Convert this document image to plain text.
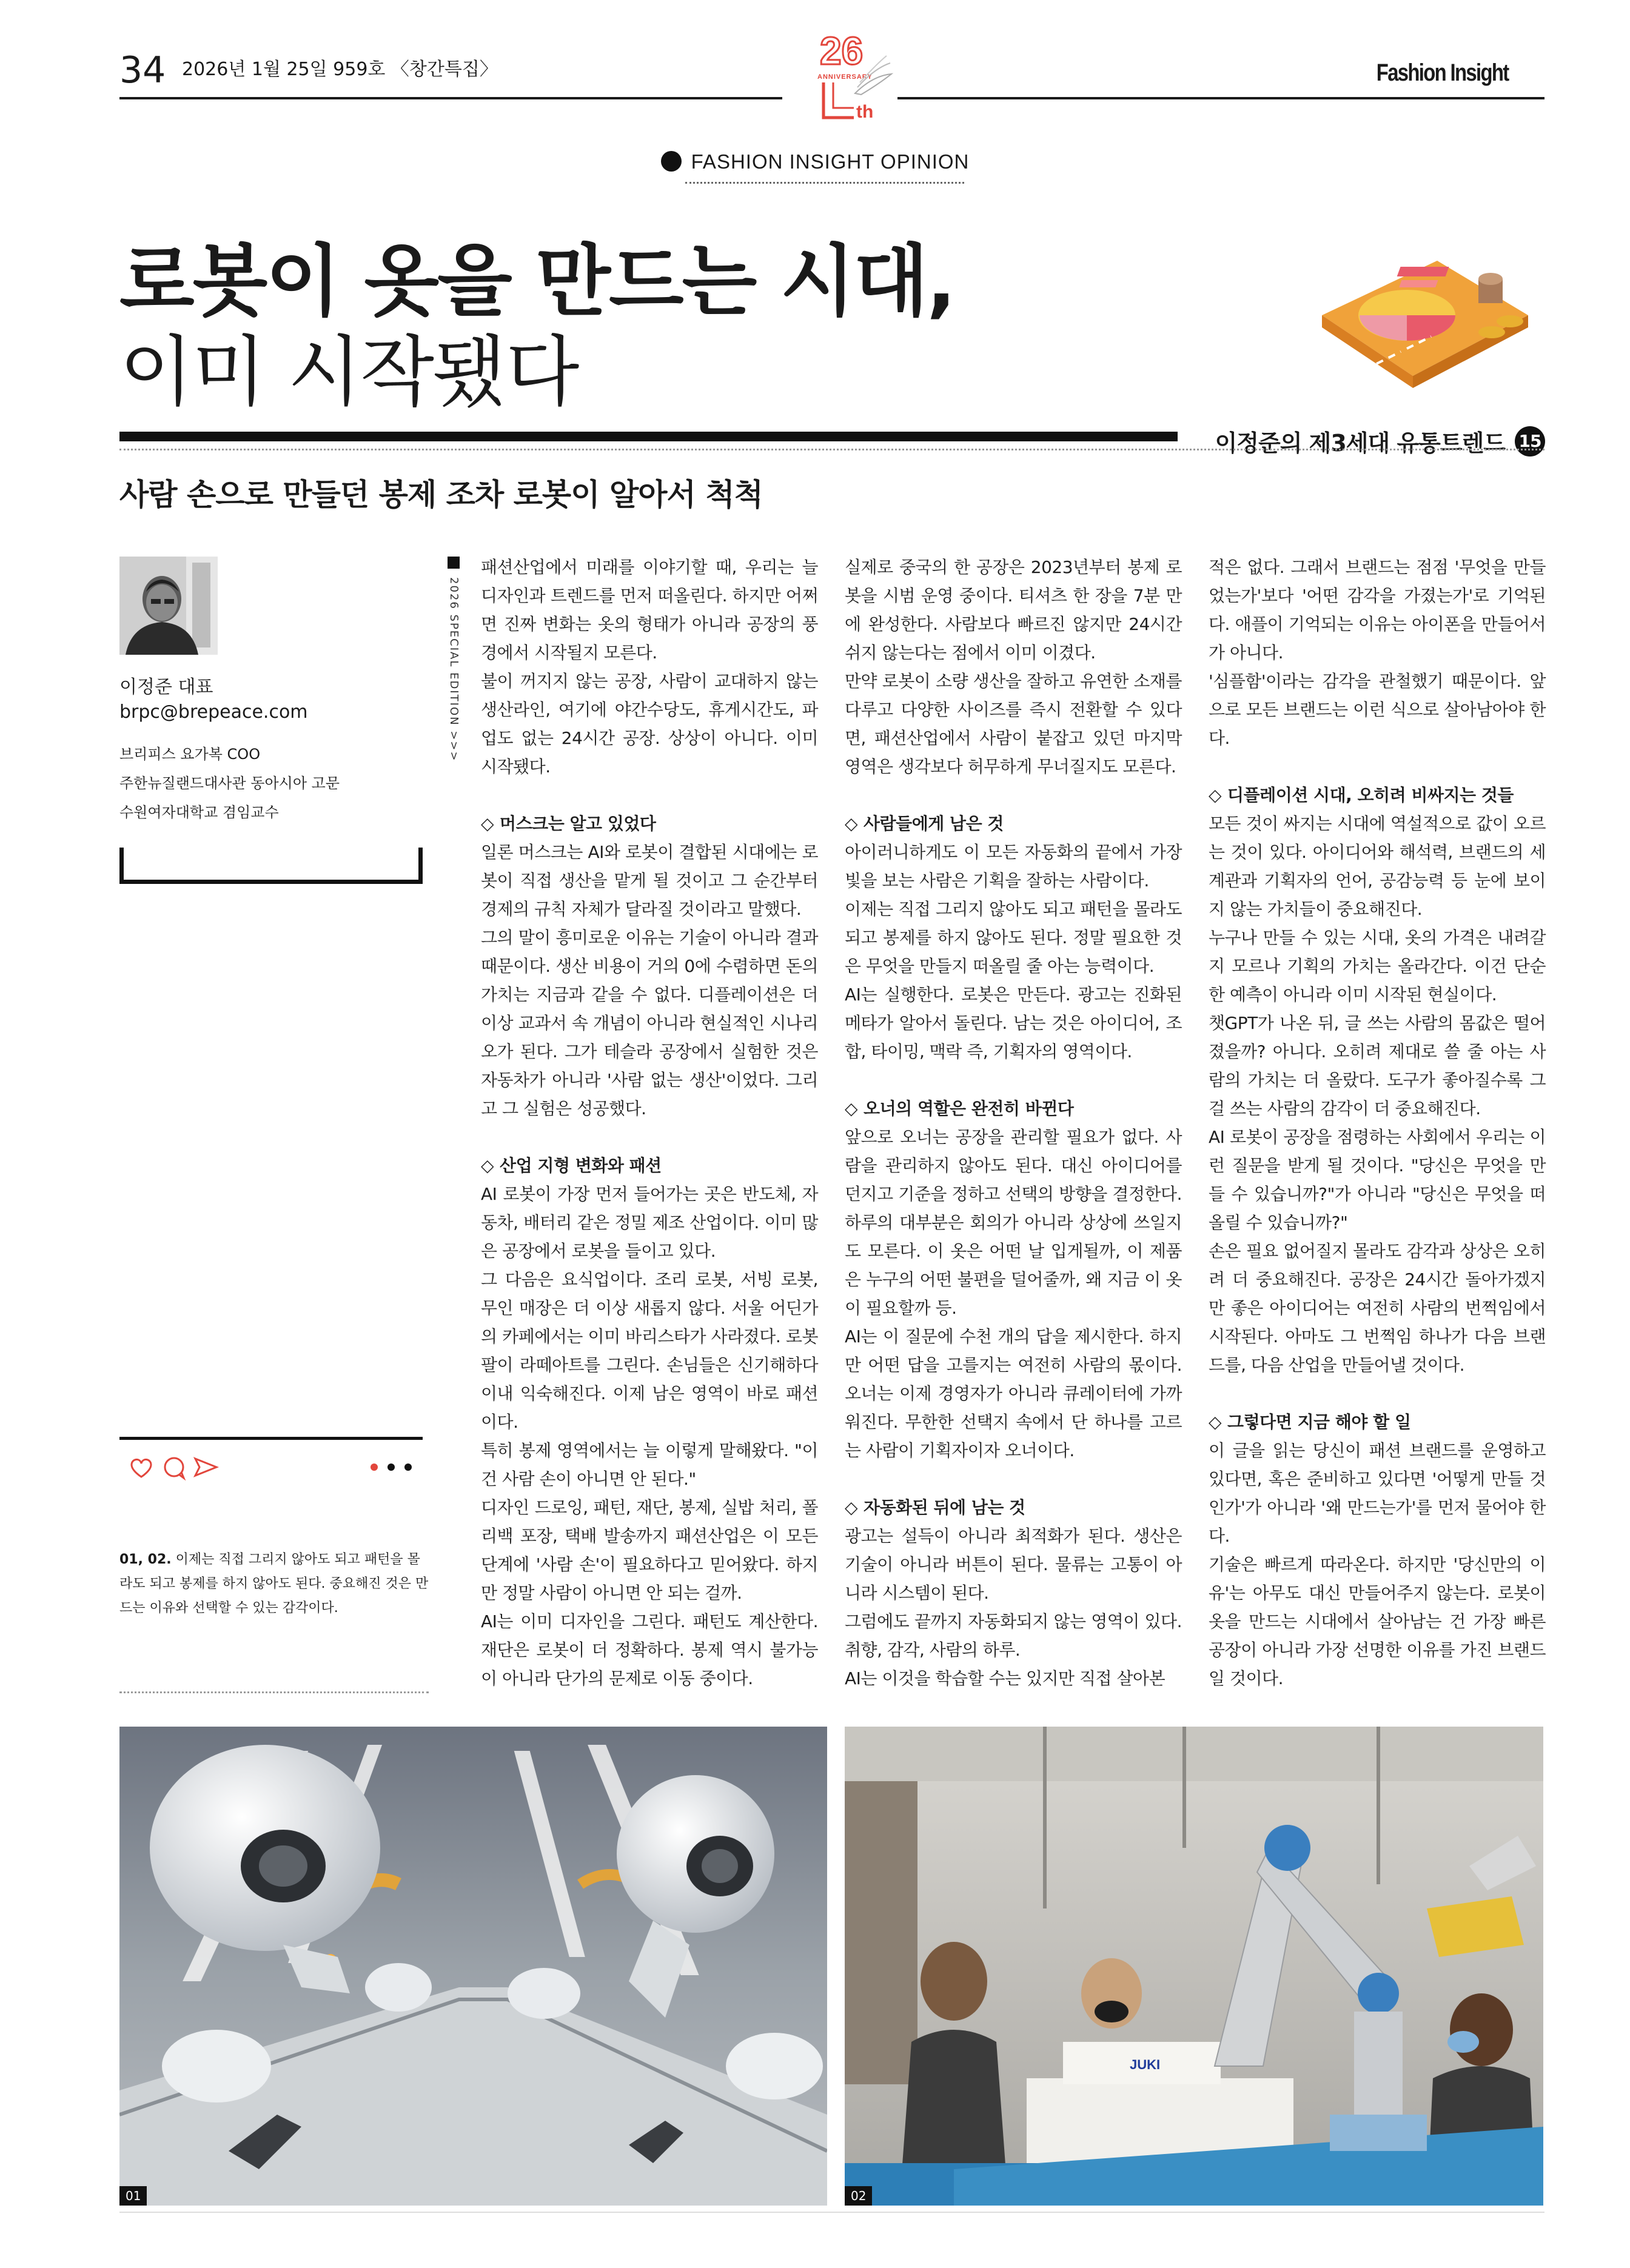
34 2026년 1월 25일 959호 〈창간특집〉	Fashion Insight
26
ANNIVERSARY
th
FASHION INSIGHT OPINION
로봇이 옷을 만드는 시대,
이미 시작됐다
이정준의 제3세대 유통트렌드 15
사람 손으로 만들던 봉제 조차 로봇이 알아서 척척
이정준 대표
brpc@brepeace.com
브리피스 요가복 COO
주한뉴질랜드대사관 동아시아 고문
수원여자대학교 겸임교수
2026 SPECIAL EDITION >>>
01, 02. 이제는 직접 그리지 않아도 되고 패턴을 몰라도 되고 봉제를 하지 않아도 된다. 중요해진 것은 만드는 이유와 선택할 수 있는 감각이다.

패션산업에서 미래를 이야기할 때, 우리는 늘 디자인과 트렌드를 먼저 떠올린다. 하지만 어쩌면 진짜 변화는 옷의 형태가 아니라 공장의 풍경에서 시작될지 모른다.

불이 꺼지지 않는 공장, 사람이 교대하지 않는 생산라인, 여기에 야간수당도, 휴게시간도, 파업도 없는 24시간 공장. 상상이 아니다. 이미 시작됐다.

◇ 머스크는 알고 있었다

일론 머스크는 AI와 로봇이 결합된 시대에는 로봇이 직접 생산을 맡게 될 것이고 그 순간부터 경제의 규칙 자체가 달라질 것이라고 말했다.

그의 말이 흥미로운 이유는 기술이 아니라 결과 때문이다. 생산 비용이 거의 0에 수렴하면 돈의 가치는 지금과 같을 수 없다. 디플레이션은 더 이상 교과서 속 개념이 아니라 현실적인 시나리오가 된다. 그가 테슬라 공장에서 실험한 것은 자동차가 아니라 '사람 없는 생산'이었다. 그리고 그 실험은 성공했다.

◇ 산업 지형 변화와 패션

AI 로봇이 가장 먼저 들어가는 곳은 반도체, 자동차, 배터리 같은 정밀 제조 산업이다. 이미 많은 공장에서 로봇을 들이고 있다.

그 다음은 요식업이다. 조리 로봇, 서빙 로봇, 무인 매장은 더 이상 새롭지 않다. 서울 어딘가의 카페에서는 이미 바리스타가 사라졌다. 로봇 팔이 라떼아트를 그린다. 손님들은 신기해하다 이내 익숙해진다. 이제 남은 영역이 바로 패션이다.

특히 봉제 영역에서는 늘 이렇게 말해왔다. "이건 사람 손이 아니면 안 된다."

디자인 드로잉, 패턴, 재단, 봉제, 실밥 처리, 폴리백 포장, 택배 발송까지 패션산업은 이 모든 단계에 '사람 손'이 필요하다고 믿어왔다. 하지만 정말 사람이 아니면 안 되는 걸까.

AI는 이미 디자인을 그린다. 패턴도 계산한다. 재단은 로봇이 더 정확하다. 봉제 역시 불가능이 아니라 단가의 문제로 이동 중이다.

실제로 중국의 한 공장은 2023년부터 봉제 로봇을 시범 운영 중이다. 티셔츠 한 장을 7분 만에 완성한다. 사람보다 빠르진 않지만 24시간 쉬지 않는다는 점에서 이미 이겼다.

만약 로봇이 소량 생산을 잘하고 유연한 소재를 다루고 다양한 사이즈를 즉시 전환할 수 있다면, 패션산업에서 사람이 붙잡고 있던 마지막 영역은 생각보다 허무하게 무너질지도 모른다.

◇ 사람들에게 남은 것

아이러니하게도 이 모든 자동화의 끝에서 가장 빛을 보는 사람은 기획을 잘하는 사람이다.

이제는 직접 그리지 않아도 되고 패턴을 몰라도 되고 봉제를 하지 않아도 된다. 정말 필요한 것은 무엇을 만들지 떠올릴 줄 아는 능력이다.

AI는 실행한다. 로봇은 만든다. 광고는 진화된 메타가 알아서 돌린다. 남는 것은 아이디어, 조합, 타이밍, 맥락 즉, 기획자의 영역이다.

◇ 오너의 역할은 완전히 바뀐다

앞으로 오너는 공장을 관리할 필요가 없다. 사람을 관리하지 않아도 된다. 대신 아이디어를 던지고 기준을 정하고 선택의 방향을 결정한다. 하루의 대부분은 회의가 아니라 상상에 쓰일지도 모른다. 이 옷은 어떤 날 입게될까, 이 제품은 누구의 어떤 불편을 덜어줄까, 왜 지금 이 옷이 필요할까 등.

AI는 이 질문에 수천 개의 답을 제시한다. 하지만 어떤 답을 고를지는 여전히 사람의 몫이다. 오너는 이제 경영자가 아니라 큐레이터에 가까워진다. 무한한 선택지 속에서 단 하나를 고르는 사람이 기획자이자 오너이다.

◇ 자동화된 뒤에 남는 것

광고는 설득이 아니라 최적화가 된다. 생산은 기술이 아니라 버튼이 된다. 물류는 고통이 아니라 시스템이 된다.

그럼에도 끝까지 자동화되지 않는 영역이 있다. 취향, 감각, 사람의 하루.

AI는 이것을 학습할 수는 있지만 직접 살아본

적은 없다. 그래서 브랜드는 점점 '무엇을 만들었는가'보다 '어떤 감각을 가졌는가'로 기억된다. 애플이 기억되는 이유는 아이폰을 만들어서가 아니다.

'심플함'이라는 감각을 관철했기 때문이다. 앞으로 모든 브랜드는 이런 식으로 살아남아야 한다.

◇ 디플레이션 시대, 오히려 비싸지는 것들

모든 것이 싸지는 시대에 역설적으로 값이 오르는 것이 있다. 아이디어와 해석력, 브랜드의 세계관과 기획자의 언어, 공감능력 등 눈에 보이지 않는 가치들이 중요해진다.

누구나 만들 수 있는 시대, 옷의 가격은 내려갈지 모르나 기획의 가치는 올라간다. 이건 단순한 예측이 아니라 이미 시작된 현실이다.

챗GPT가 나온 뒤, 글 쓰는 사람의 몸값은 떨어졌을까? 아니다. 오히려 제대로 쓸 줄 아는 사람의 가치는 더 올랐다. 도구가 좋아질수록 그걸 쓰는 사람의 감각이 더 중요해진다.

AI 로봇이 공장을 점령하는 사회에서 우리는 이런 질문을 받게 될 것이다. "당신은 무엇을 만들 수 있습니까?"가 아니라 "당신은 무엇을 떠올릴 수 있습니까?"

손은 필요 없어질지 몰라도 감각과 상상은 오히려 더 중요해진다. 공장은 24시간 돌아가겠지만 좋은 아이디어는 여전히 사람의 번쩍임에서 시작된다. 아마도 그 번쩍임 하나가 다음 브랜드를, 다음 산업을 만들어낼 것이다.

◇ 그렇다면 지금 해야 할 일

이 글을 읽는 당신이 패션 브랜드를 운영하고 있다면, 혹은 준비하고 있다면 '어떻게 만들 것인가'가 아니라 '왜 만드는가'를 먼저 물어야 한다.

기술은 빠르게 따라온다. 하지만 '당신만의 이유'는 아무도 대신 만들어주지 않는다. 로봇이 옷을 만드는 시대에서 살아남는 건 가장 빠른 공장이 아니라 가장 선명한 이유를 가진 브랜드일 것이다.

01
JUKI
02
